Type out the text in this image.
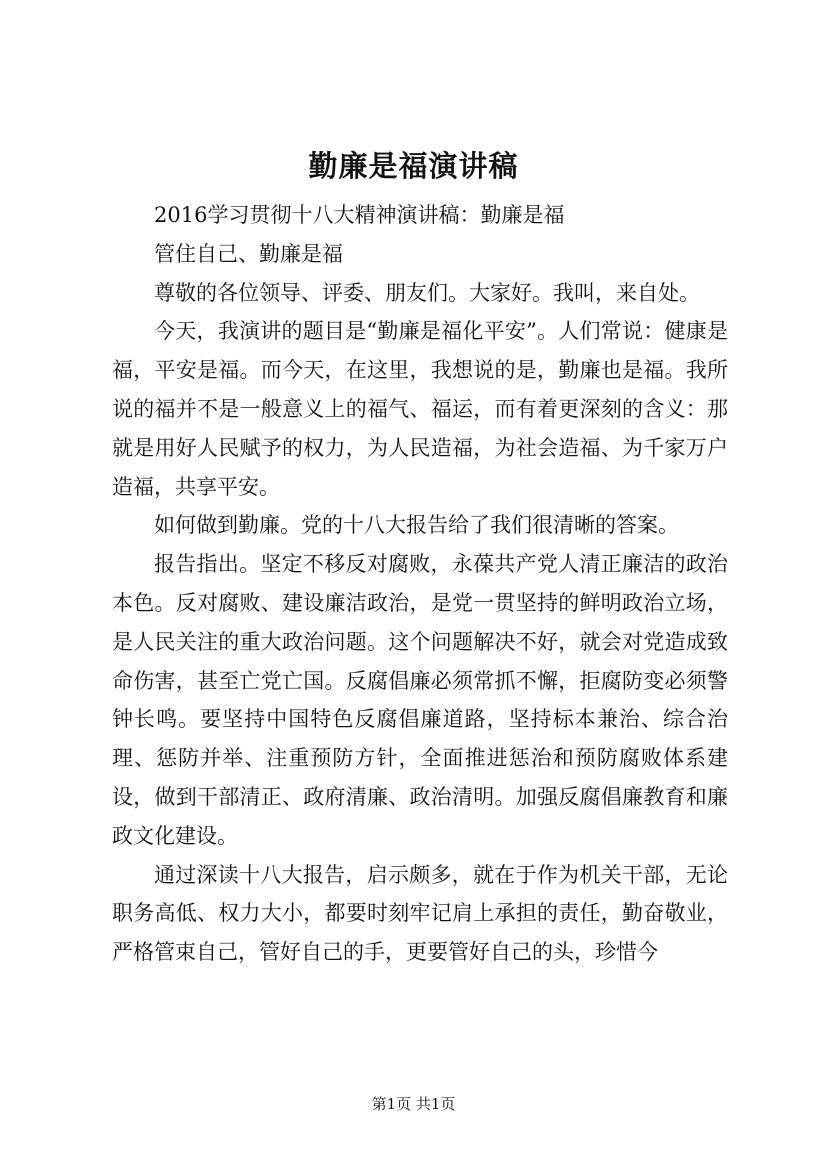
勤廉是福演讲稿

2016学习贯彻十八大精神演讲稿：勤廉是福

管住自己、勤廉是福

尊敬的各位领导、评委、朋友们。大家好。我叫，来自处。

今天，我演讲的题目是“勤廉是福化平安”。人们常说：健康是福，平安是福。而今天，在这里，我想说的是，勤廉也是福。我所说的福并不是一般意义上的福气、福运，而有着更深刻的含义：那就是用好人民赋予的权力，为人民造福，为社会造福、为千家万户造福，共享平安。

如何做到勤廉。党的十八大报告给了我们很清晰的答案。

报告指出。坚定不移反对腐败，永葆共产党人清正廉洁的政治本色。反对腐败、建设廉洁政治，是党一贯坚持的鲜明政治立场，是人民关注的重大政治问题。这个问题解决不好，就会对党造成致命伤害，甚至亡党亡国。反腐倡廉必须常抓不懈，拒腐防变必须警钟长鸣。要坚持中国特色反腐倡廉道路，坚持标本兼治、综合治理、惩防并举、注重预防方针，全面推进惩治和预防腐败体系建设，做到干部清正、政府清廉、政治清明。加强反腐倡廉教育和廉政文化建设。

通过深读十八大报告，启示颇多，就在于作为机关干部，无论职务高低、权力大小，都要时刻牢记肩上承担的责任，勤奋敬业，严格管束自己，管好自己的手，更要管好自己的头，珍惜今

第1页 共1页
